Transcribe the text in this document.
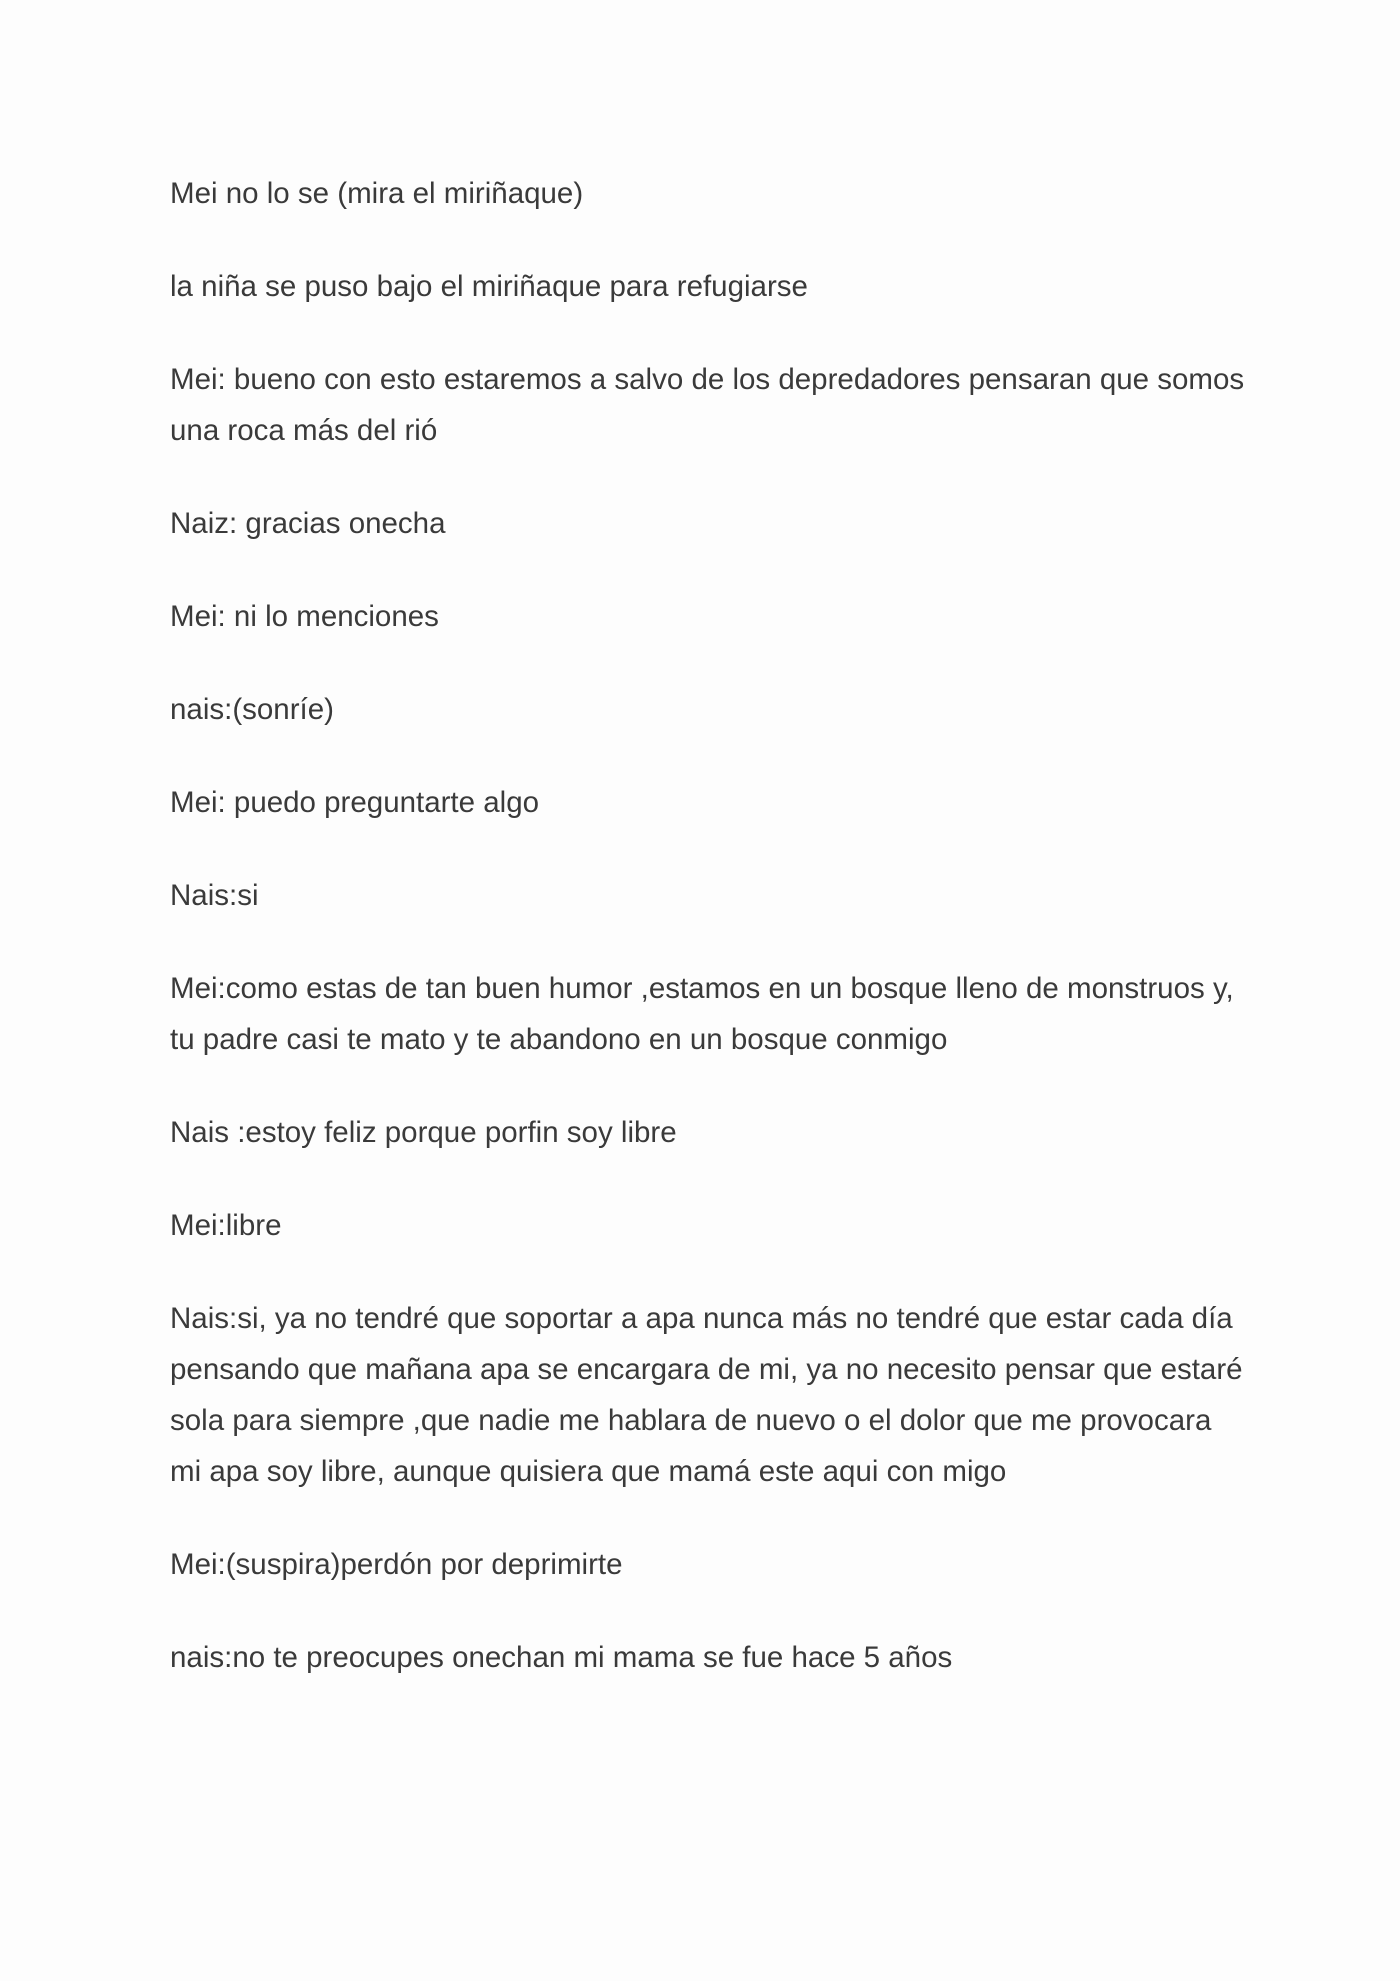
Mei no lo se (mira el miriñaque)

la niña se puso bajo el miriñaque para refugiarse

Mei: bueno con esto estaremos a salvo de los depredadores pensaran que somos una roca más del rió

Naiz: gracias onecha

Mei: ni lo menciones

nais:(sonríe)

Mei: puedo preguntarte algo

Nais:si

Mei:como estas de tan buen humor ,estamos en un bosque lleno de monstruos y, tu padre casi te mato y te abandono en un bosque conmigo

Nais :estoy feliz porque porfin soy libre

Mei:libre

Nais:si, ya no tendré que soportar a apa nunca más no tendré que estar cada día pensando que mañana apa se encargara de mi, ya no necesito pensar que estaré sola para siempre ,que nadie me hablara de nuevo o el dolor que me provocara mi apa soy libre, aunque quisiera que mamá este aqui con migo

Mei:(suspira)perdón por deprimirte

nais:no te preocupes onechan mi mama se fue hace 5 años
